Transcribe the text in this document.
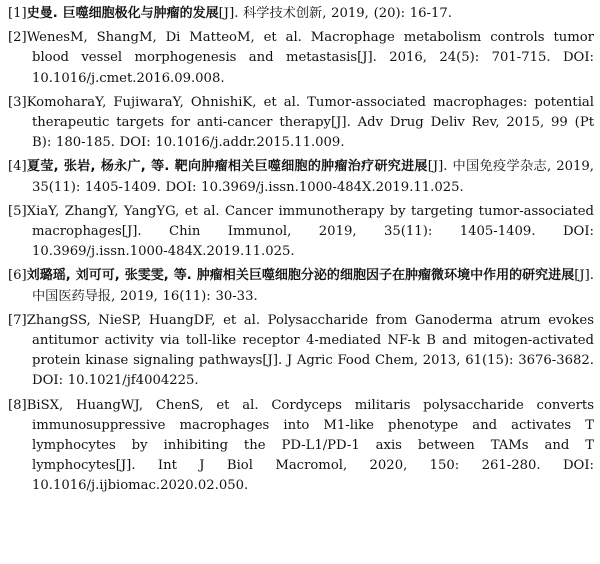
[1]史曼. 巨噬细胞极化与肿瘤的发展[J]. 科学技术创新, 2019, (20): 16-17.

[2]WenesM, ShangM, Di MatteoM, et al. Macrophage metabolism controls tumor blood vessel morphogenesis and metastasis[J]. 2016, 24(5): 701-715. DOI: 10.1016/j.cmet.2016.09.008.

[3]KomoharaY, FujiwaraY, OhnishiK, et al. Tumor-associated macrophages: potential therapeutic targets for anti-cancer therapy[J]. Adv Drug Deliv Rev, 2015, 99 (Pt B): 180-185. DOI: 10.1016/j.addr.2015.11.009.

[4]夏莹, 张岩, 杨永广, 等. 靶向肿瘤相关巨噬细胞的肿瘤治疗研究进展[J]. 中国免疫学杂志, 2019, 35(11): 1405-1409. DOI: 10.3969/j.issn.1000-484X.2019.11.025.

[5]XiaY, ZhangY, YangYG, et al. Cancer immunotherapy by targeting tumor-associated macrophages[J]. Chin Immunol, 2019, 35(11): 1405-1409. DOI: 10.3969/j.issn.1000-484X.2019.11.025.

[6]刘璐瑶, 刘可可, 张雯雯, 等. 肿瘤相关巨噬细胞分泌的细胞因子在肿瘤微环境中作用的研究进展[J]. 中国医药导报, 2019, 16(11): 30-33.

[7]ZhangSS, NieSP, HuangDF, et al. Polysaccharide from Ganoderma atrum evokes antitumor activity via toll-like receptor 4-mediated NF-k B and mitogen-activated protein kinase signaling pathways[J]. J Agric Food Chem, 2013, 61(15): 3676-3682. DOI: 10.1021/jf4004225.

[8]BiSX, HuangWJ, ChenS, et al. Cordyceps militaris polysaccharide converts immunosuppressive macrophages into M1-like phenotype and activates T lymphocytes by inhibiting the PD-L1/PD-1 axis between TAMs and T lymphocytes[J]. Int J Biol Macromol, 2020, 150: 261-280. DOI: 10.1016/j.ijbiomac.2020.02.050.
